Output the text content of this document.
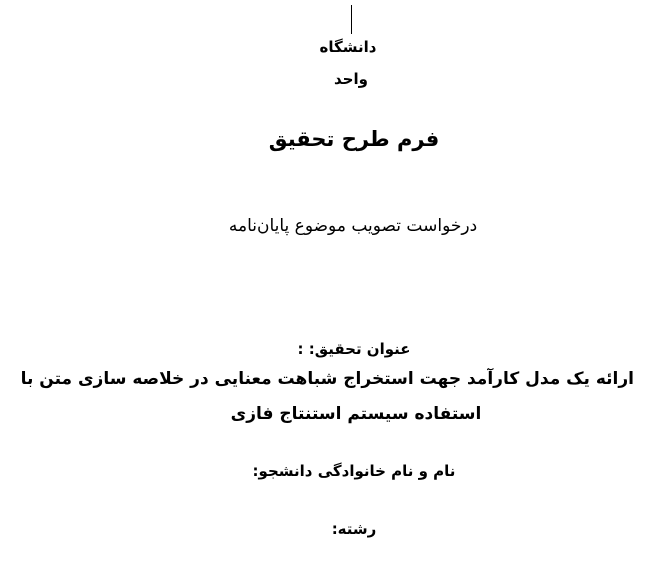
دانشگاه
واحد
فرم طرح تحقیق
درخواست تصویب موضوع پایان‌نامه
عنوان تحقیق: :
ارائه یک مدل کارآمد جهت استخراج شباهت معنایی در خلاصه سازی متن با
استفاده سیستم استنتاج فازی
نام و نام خانوادگی دانشجو:
رشته:
